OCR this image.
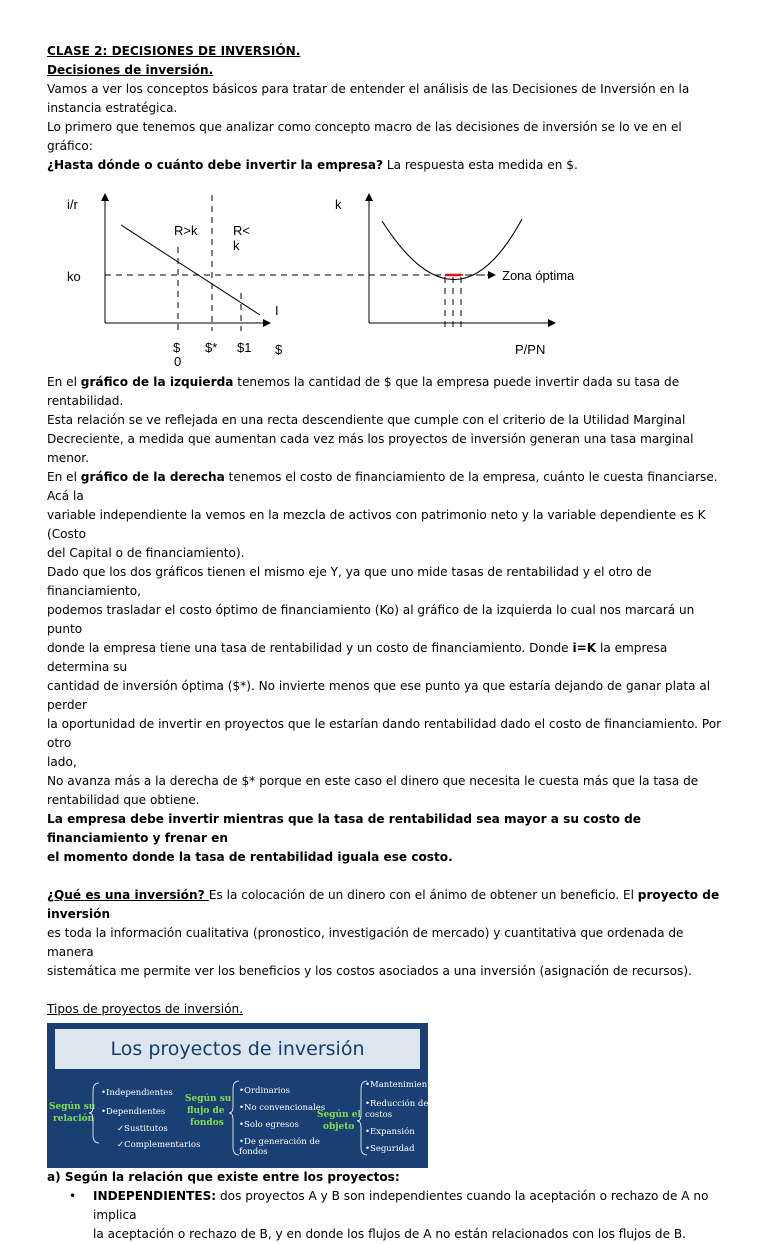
CLASE 2: DECISIONES DE INVERSIÓN.
Decisiones de inversión.
Vamos a ver los conceptos básicos para tratar de entender el análisis de las Decisiones de Inversión en la instancia estratégica.
Lo primero que tenemos que analizar como concepto macro de las decisiones de inversión se lo ve en el gráfico:
¿Hasta dónde o cuánto debe invertir la empresa? La respuesta esta medida en $.
i/r
ko
R>k	R<
k
I
$
0
$* $1 $
k
Zona óptima
P/PN
En el gráfico de la izquierda tenemos la cantidad de $ que la empresa puede invertir dada su tasa de rentabilidad.
Esta relación se ve reflejada en una recta descendiente que cumple con el criterio de la Utilidad Marginal
Decreciente, a medida que aumentan cada vez más los proyectos de inversión generan una tasa marginal menor.
En el gráfico de la derecha tenemos el costo de financiamiento de la empresa, cuánto le cuesta financiarse. Acá la
variable independiente la vemos en la mezcla de activos con patrimonio neto y la variable dependiente es K (Costo
del Capital o de financiamiento).
Dado que los dos gráficos tienen el mismo eje Y, ya que uno mide tasas de rentabilidad y el otro de financiamiento,
podemos trasladar el costo óptimo de financiamiento (Ko) al gráfico de la izquierda lo cual nos marcará un punto
donde la empresa tiene una tasa de rentabilidad y un costo de financiamiento. Donde i=K la empresa determina su
cantidad de inversión óptima ($*). No invierte menos que ese punto ya que estaría dejando de ganar plata al perder
la oportunidad de invertir en proyectos que le estarían dando rentabilidad dado el costo de financiamiento. Por otro
lado,
No avanza más a la derecha de $* porque en este caso el dinero que necesita le cuesta más que la tasa de
rentabilidad que obtiene.
La empresa debe invertir mientras que la tasa de rentabilidad sea mayor a su costo de financiamiento y frenar en
el momento donde la tasa de rentabilidad iguala ese costo.

¿Qué es una inversión? Es la colocación de un dinero con el ánimo de obtener un beneficio. El proyecto de inversión
es toda la información cualitativa (pronostico, investigación de mercado) y cuantitativa que ordenada de manera
sistemática me permite ver los beneficios y los costos asociados a una inversión (asignación de recursos).

Tipos de proyectos de inversión.
Los proyectos de inversión
Según su
relación
•Independientes
•Dependientes
✓Sustitutos
✓Complementarios
Según su
flujo de
fondos
•Ordinarios
•No convencionales
•Solo egresos
•De generación de
fondos
Según el
objeto
•Mantenimiento
•Reducción de
costos
•Expansión
•Seguridad
a) Según la relación que existe entre los proyectos:
• INDEPENDIENTES: dos proyectos A y B son independientes cuando la aceptación o rechazo de A no implica
la aceptación o rechazo de B, y en donde los flujos de A no están relacionados con los flujos de B.
